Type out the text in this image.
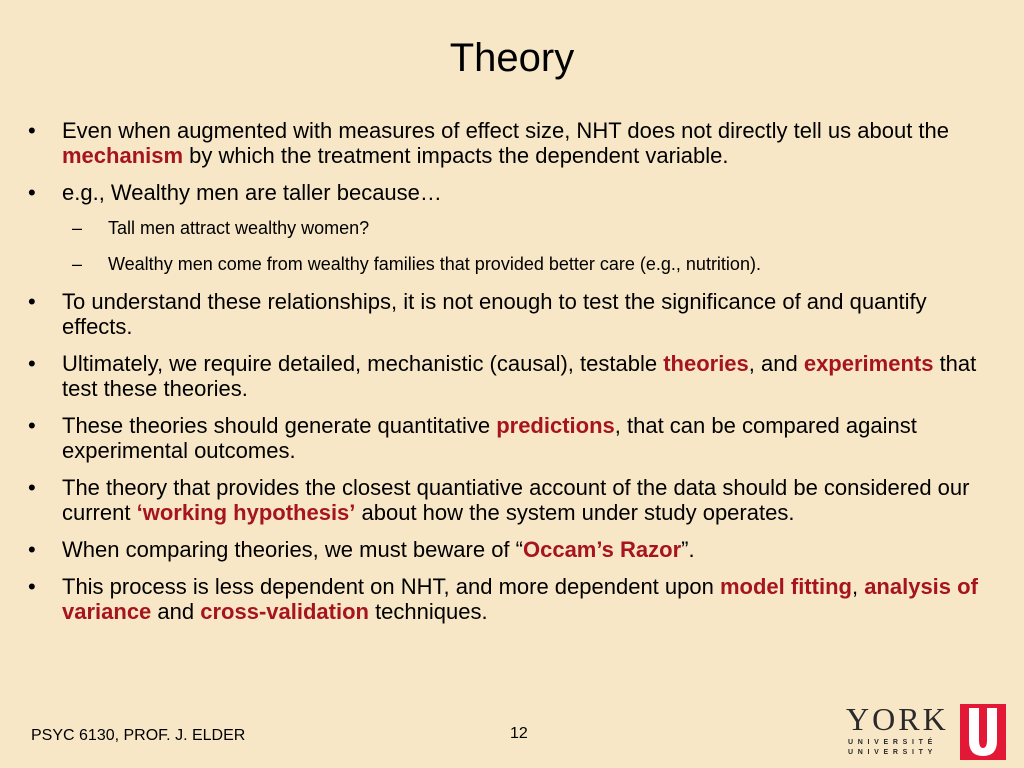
Theory
• Even when augmented with measures of effect size, NHT does not directly tell us about the mechanism by which the treatment impacts the dependent variable.
• e.g., Wealthy men are taller because…
– Tall men attract wealthy women?
– Wealthy men come from wealthy families that provided better care (e.g., nutrition).
• To understand these relationships, it is not enough to test the significance of and quantify effects.
• Ultimately, we require detailed, mechanistic (causal), testable theories, and experiments that test these theories.
• These theories should generate quantitative predictions, that can be compared against experimental outcomes.
• The theory that provides the closest quantiative account of the data should be considered our current ‘working hypothesis’ about how the system under study operates.
• When comparing theories, we must beware of “Occam’s Razor”.
• This process is less dependent on NHT, and more dependent upon model fitting, analysis of variance and cross-validation techniques.
PSYC 6130, PROF. J. ELDER	12	YORK
UNIVERSITÉ
UNIVERSITY
